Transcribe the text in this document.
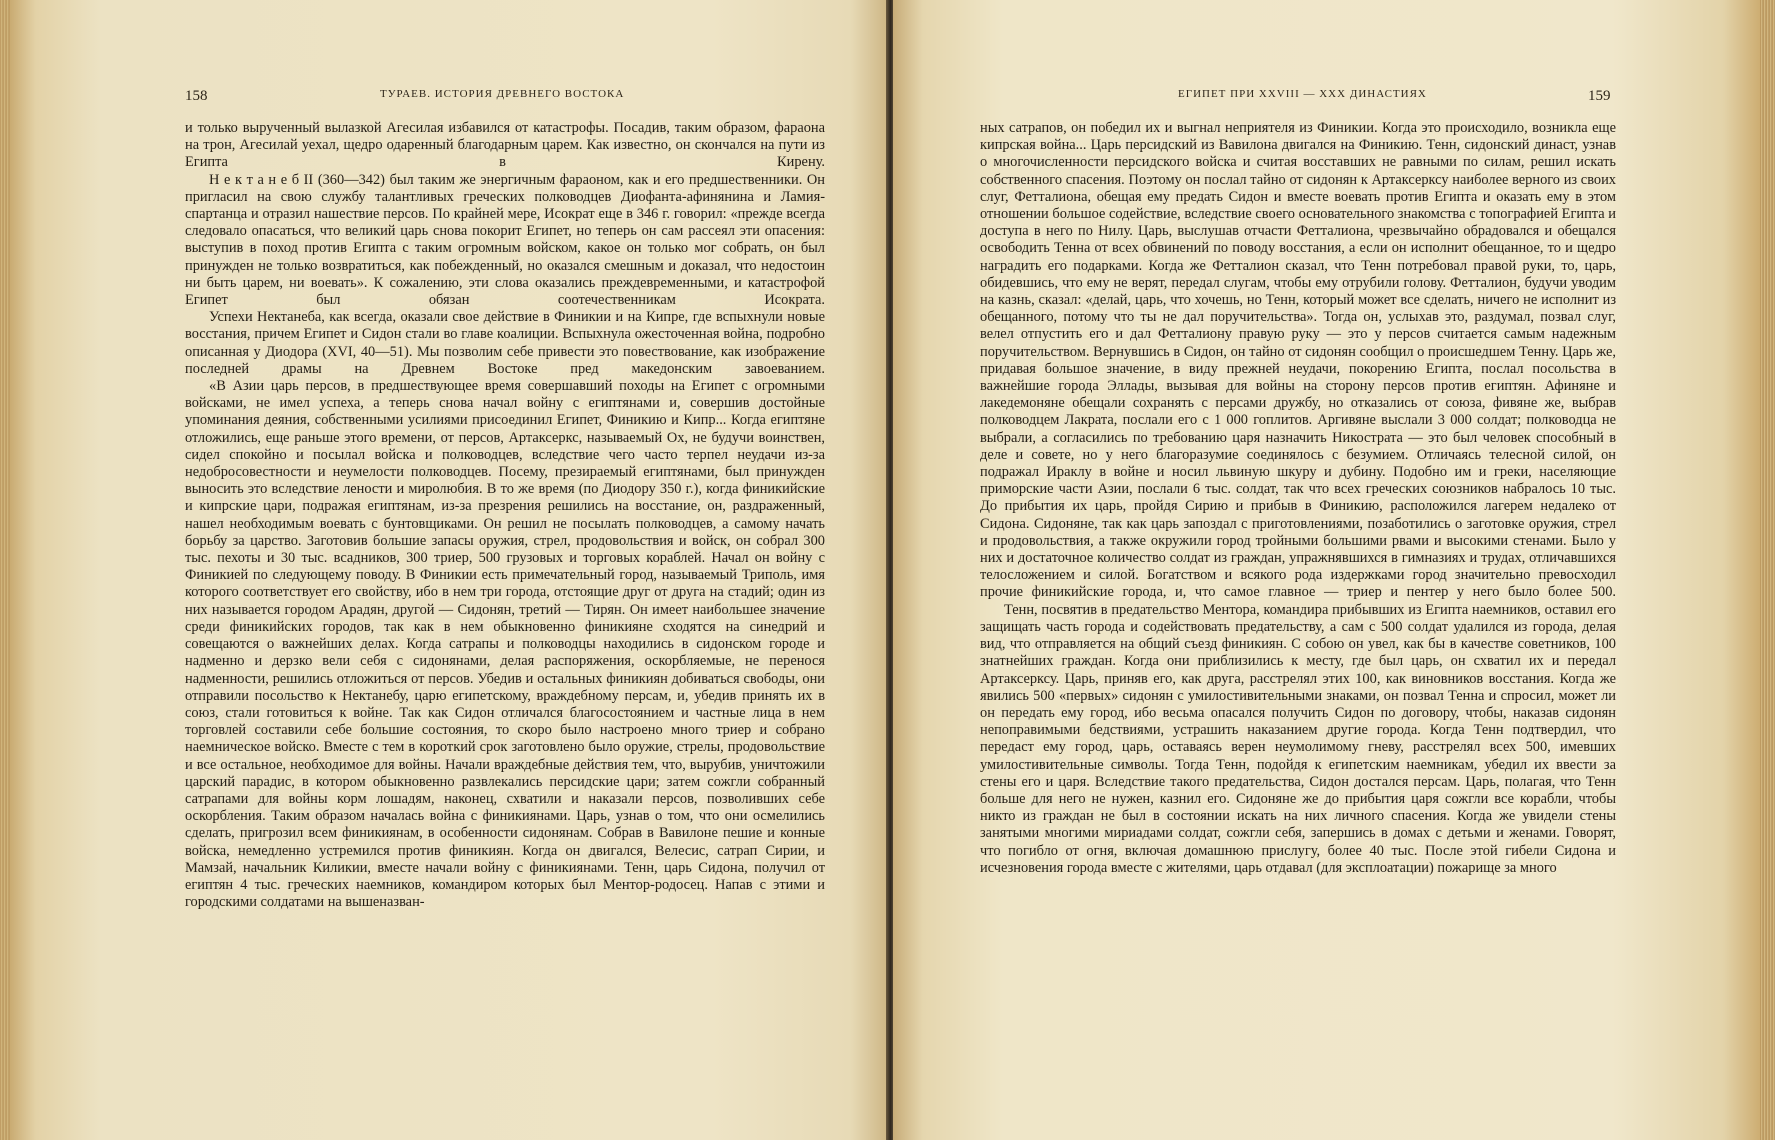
158	ТУРАЕВ. ИСТОРИЯ ДРЕВНЕГО ВОСТОКА

и только вырученный вылазкой Агесилая избавился от катастрофы. Посадив, таким образом, фараона на трон, Агесилай уехал, щедро одаренный благодарным царем. Как известно, он скончался на пути из Египта в Кирену.

Н е к т а н е б II (360—342) был таким же энергичным фараоном, как и его предшественники. Он пригласил на свою службу талантливых греческих полководцев Диофанта-афинянина и Ламия-спартанца и отразил нашествие персов. По крайней мере, Исократ еще в 346 г. говорил: «прежде всегда следовало опасаться, что великий царь снова покорит Египет, но теперь он сам рассеял эти опасения: выступив в поход против Египта с таким огромным войском, какое он только мог собрать, он был принужден не только возвратиться, как побежденный, но оказался смешным и доказал, что недостоин ни быть царем, ни воевать». К сожалению, эти слова оказались преждевременными, и катастрофой Египет был обязан соотечественникам Исократа.

Успехи Нектанеба, как всегда, оказали свое действие в Финикии и на Кипре, где вспыхнули новые восстания, причем Египет и Сидон стали во главе коалиции. Вспыхнула ожесточенная война, подробно описанная у Диодора (XVI, 40—51). Мы позволим себе привести это повествование, как изображение последней драмы на Древнем Востоке пред македонским завоеванием.

«В Азии царь персов, в предшествующее время совершавший походы на Египет с огромными войсками, не имел успеха, а теперь снова начал войну с египтянами и, совершив достойные упоминания деяния, собственными усилиями присоединил Египет, Финикию и Кипр... Когда египтяне отложились, еще раньше этого времени, от персов, Артаксеркс, называемый Ох, не будучи воинствен, сидел спокойно и посылал войска и полководцев, вследствие чего часто терпел неудачи из-за недобросовестности и неумелости полководцев. Посему, презираемый египтянами, был принужден выносить это вследствие лености и миролюбия. В то же время (по Диодору 350 г.), когда финикийские и кипрские цари, подражая египтянам, из-за презрения решились на восстание, он, раздраженный, нашел необходимым воевать с бунтовщиками. Он решил не посылать полководцев, а самому начать борьбу за царство. Заготовив большие запасы оружия, стрел, продовольствия и войск, он собрал 300 тыс. пехоты и 30 тыс. всадников, 300 триер, 500 грузовых и торговых кораблей. Начал он войну с Финикией по следующему поводу. В Финикии есть примечательный город, называемый Триполь, имя которого соответствует его свойству, ибо в нем три города, отстоящие друг от друга на стадий; один из них называется городом Арадян, другой — Сидонян, третий — Тирян. Он имеет наибольшее значение среди финикийских городов, так как в нем обыкновенно финикияне сходятся на синедрий и совещаются о важнейших делах. Когда сатрапы и полководцы находились в сидонском городе и надменно и дерзко вели себя с сидонянами, делая распоряжения, оскорбляемые, не перенося надменности, решились отложиться от персов. Убедив и остальных финикиян добиваться свободы, они отправили посольство к Нектанебу, царю египетскому, враждебному персам, и, убедив принять их в союз, стали готовиться к войне. Так как Сидон отличался благосостоянием и частные лица в нем торговлей составили себе большие состояния, то скоро было настроено много триер и собрано наемническое войско. Вместе с тем в короткий срок заготовлено было оружие, стрелы, продовольствие и все остальное, необходимое для войны. Начали враждебные действия тем, что, вырубив, уничтожили царский парадис, в котором обыкновенно развлекались персидские цари; затем сожгли собранный сатрапами для войны корм лошадям, наконец, схватили и наказали персов, позволивших себе оскорбления. Таким образом началась война с финикиянами. Царь, узнав о том, что они осмелились сделать, пригрозил всем финикиянам, в особенности сидонянам. Собрав в Вавилоне пешие и конные войска, немедленно устремился против финикиян. Когда он двигался, Велесис, сатрап Сирии, и Мамзай, начальник Киликии, вместе начали войну с финикиянами. Тенн, царь Сидона, получил от египтян 4 тыс. греческих наемников, командиром которых был Ментор-родосец. Напав с этими и городскими солдатами на вышеназван-

ЕГИПЕТ ПРИ XXVIII — XXX ДИНАСТИЯХ	159

ных сатрапов, он победил их и выгнал неприятеля из Финикии. Когда это происходило, возникла еще кипрская война... Царь персидский из Вавилона двигался на Финикию. Тенн, сидонский династ, узнав о многочисленности персидского войска и считая восставших не равными по силам, решил искать собственного спасения. Поэтому он послал тайно от сидонян к Артаксерксу наиболее верного из своих слуг, Фетталиона, обещая ему предать Сидон и вместе воевать против Египта и оказать ему в этом отношении большое содействие, вследствие своего основательного знакомства с топографией Египта и доступа в него по Нилу. Царь, выслушав отчасти Фетталиона, чрезвычайно обрадовался и обещался освободить Тенна от всех обвинений по поводу восстания, а если он исполнит обещанное, то и щедро наградить его подарками. Когда же Фетталион сказал, что Тенн потребовал правой руки, то, царь, обидевшись, что ему не верят, передал слугам, чтобы ему отрубили голову. Фетталион, будучи уводим на казнь, сказал: «делай, царь, что хочешь, но Тенн, который может все сделать, ничего не исполнит из обещанного, потому что ты не дал поручительства». Тогда он, услыхав это, раздумал, позвал слуг, велел отпустить его и дал Фетталиону правую руку — это у персов считается самым надежным поручительством. Вернувшись в Сидон, он тайно от сидонян сообщил о происшедшем Тенну. Царь же, придавая большое значение, в виду прежней неудачи, покорению Египта, послал посольства в важнейшие города Эллады, вызывая для войны на сторону персов против египтян. Афиняне и лакедемоняне обещали сохранять с персами дружбу, но отказались от союза, фивяне же, выбрав полководцем Лакрата, послали его с 1 000 гоплитов. Аргивяне выслали 3 000 солдат; полководца не выбрали, а согласились по требованию царя назначить Никострата — это был человек способный в деле и совете, но у него благоразумие соединялось с безумием. Отличаясь телесной силой, он подражал Ираклу в войне и носил львиную шкуру и дубину. Подобно им и греки, населяющие приморские части Азии, послали 6 тыс. солдат, так что всех греческих союзников набралось 10 тыс. До прибытия их царь, пройдя Сирию и прибыв в Финикию, расположился лагерем недалеко от Сидона. Сидоняне, так как царь запоздал с приготовлениями, позаботились о заготовке оружия, стрел и продовольствия, а также окружили город тройными большими рвами и высокими стенами. Было у них и достаточное количество солдат из граждан, упражнявшихся в гимназиях и трудах, отличавшихся телосложением и силой. Богатством и всякого рода издержками город значительно превосходил прочие финикийские города, и, что самое главное — триер и пентер у него было более 500.

Тенн, посвятив в предательство Ментора, командира прибывших из Египта наемников, оставил его защищать часть города и содействовать предательству, а сам с 500 солдат удалился из города, делая вид, что отправляется на общий съезд финикиян. С собою он увел, как бы в качестве советников, 100 знатнейших граждан. Когда они приблизились к месту, где был царь, он схватил их и передал Артаксерксу. Царь, приняв его, как друга, расстрелял этих 100, как виновников восстания. Когда же явились 500 «первых» сидонян с умилостивительными знаками, он позвал Тенна и спросил, может ли он передать ему город, ибо весьма опасался получить Сидон по договору, чтобы, наказав сидонян непоправимыми бедствиями, устрашить наказанием другие города. Когда Тенн подтвердил, что передаст ему город, царь, оставаясь верен неумолимому гневу, расстрелял всех 500, имевших умилостивительные символы. Тогда Тенн, подойдя к египетским наемникам, убедил их ввести за стены его и царя. Вследствие такого предательства, Сидон достался персам. Царь, полагая, что Тенн больше для него не нужен, казнил его. Сидоняне же до прибытия царя сожгли все корабли, чтобы никто из граждан не был в состоянии искать на них личного спасения. Когда же увидели стены занятыми многими мириадами солдат, сожгли себя, запершись в домах с детьми и женами. Говорят, что погибло от огня, включая домашнюю прислугу, более 40 тыс. После этой гибели Сидона и исчезновения города вместе с жителями, царь отдавал (для эксплоатации) пожарище за много
